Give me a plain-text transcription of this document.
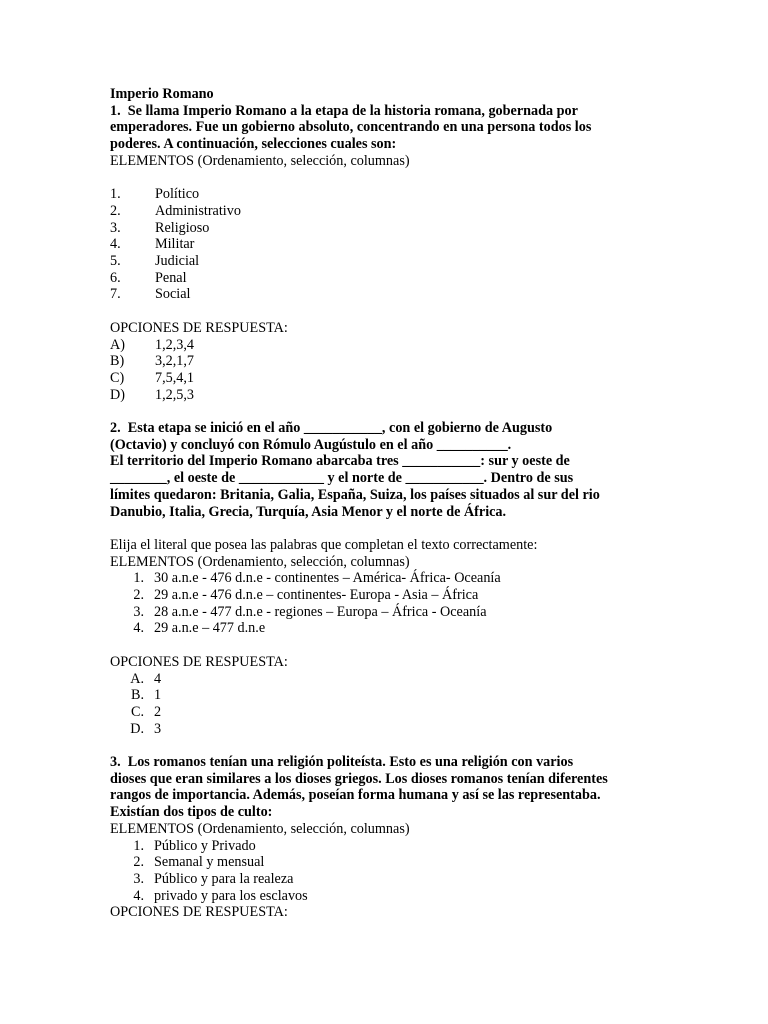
Imperio Romano
1. Se llama Imperio Romano a la etapa de la historia romana, gobernada por
emperadores. Fue un gobierno absoluto, concentrando en una persona todos los
poderes. A continuación, selecciones cuales son:
ELEMENTOS (Ordenamiento, selección, columnas)
1.	Político
2.	Administrativo
3.	Religioso
4.	Militar
5.	Judicial
6.	Penal
7.	Social
OPCIONES DE RESPUESTA:
A)	1,2,3,4
B)	3,2,1,7
C)	7,5,4,1
D)	1,2,5,3
2. Esta etapa se inició en el año ___________, con el gobierno de Augusto
(Octavio) y concluyó con Rómulo Augústulo en el año __________.
El territorio del Imperio Romano abarcaba tres ___________: sur y oeste de
________, el oeste de ____________ y el norte de ___________. Dentro de sus
límites quedaron: Britania, Galia, España, Suiza, los países situados al sur del rio
Danubio, Italia, Grecia, Turquía, Asia Menor y el norte de África.
Elija el literal que posea las palabras que completan el texto correctamente:
ELEMENTOS (Ordenamiento, selección, columnas)
1. 30 a.n.e - 476 d.n.e - continentes – América- África- Oceanía
2. 29 a.n.e - 476 d.n.e – continentes- Europa - Asia – África
3. 28 a.n.e - 477 d.n.e - regiones – Europa – África - Oceanía
4. 29 a.n.e – 477 d.n.e
OPCIONES DE RESPUESTA:
A. 4
B. 1
C. 2
D. 3
3. Los romanos tenían una religión politeísta. Esto es una religión con varios
dioses que eran similares a los dioses griegos. Los dioses romanos tenían diferentes
rangos de importancia. Además, poseían forma humana y así se las representaba.
Existían dos tipos de culto:
ELEMENTOS (Ordenamiento, selección, columnas)
1. Público y Privado
2. Semanal y mensual
3. Público y para la realeza
4. privado y para los esclavos
OPCIONES DE RESPUESTA:
